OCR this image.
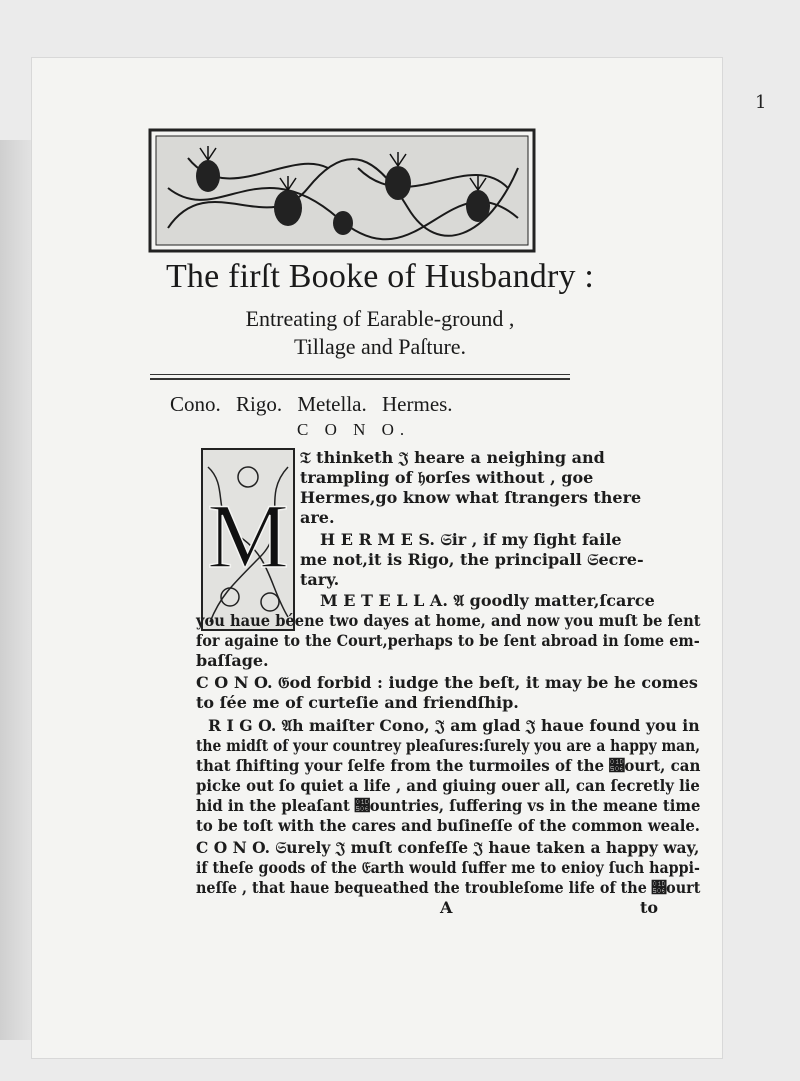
1
The firſt Booke of Husbandry :
Entreating of Earable-ground ,
Tillage and Paſture.
Cono. Rigo. Metella. Hermes.
C O N O.
M
𝔗 thinketh 𝔍 heare a neighing and
trampling of 𝔥orſes without , goe
Hermes,go know what ſtrangers there
are.
H E R M E S. 𝔖ir , if my ſight faile
me not,it is Rigo, the principall 𝔖ecre-
tary.
M E T E L L A. 𝔄 goodly matter,ſcarce
you haue béene two dayes at home, and now you muſt be ſent
for againe to the Court,perhaps to be ſent abroad in ſome em-
baſſage.
C O N O. 𝔊od forbid : iudge the beſt, it may be he comes
to ſée me of curteſie and friendſhip.
R I G O. 𝔄h maiſter Cono, 𝔍 am glad 𝔍 haue found you in
the midſt of your countrey pleaſures:ſurely you are a happy man,
that ſhifting your ſelfe from the turmoiles of the 𝔆ourt, can
picke out ſo quiet a life , and giuing ouer all, can ſecretly lie
hid in the pleaſant 𝔆ountries, ſuffering vs in the meane time
to be toſt with the cares and buſineſſe of the common weale.
C O N O. 𝔖urely 𝔍 muſt confeſſe 𝔍 haue taken a happy way,
if theſe goods of the 𝔈arth would ſuffer me to enioy ſuch happi-
neſſe , that haue bequeathed the troubleſome life of the 𝔆ourt
A	to
